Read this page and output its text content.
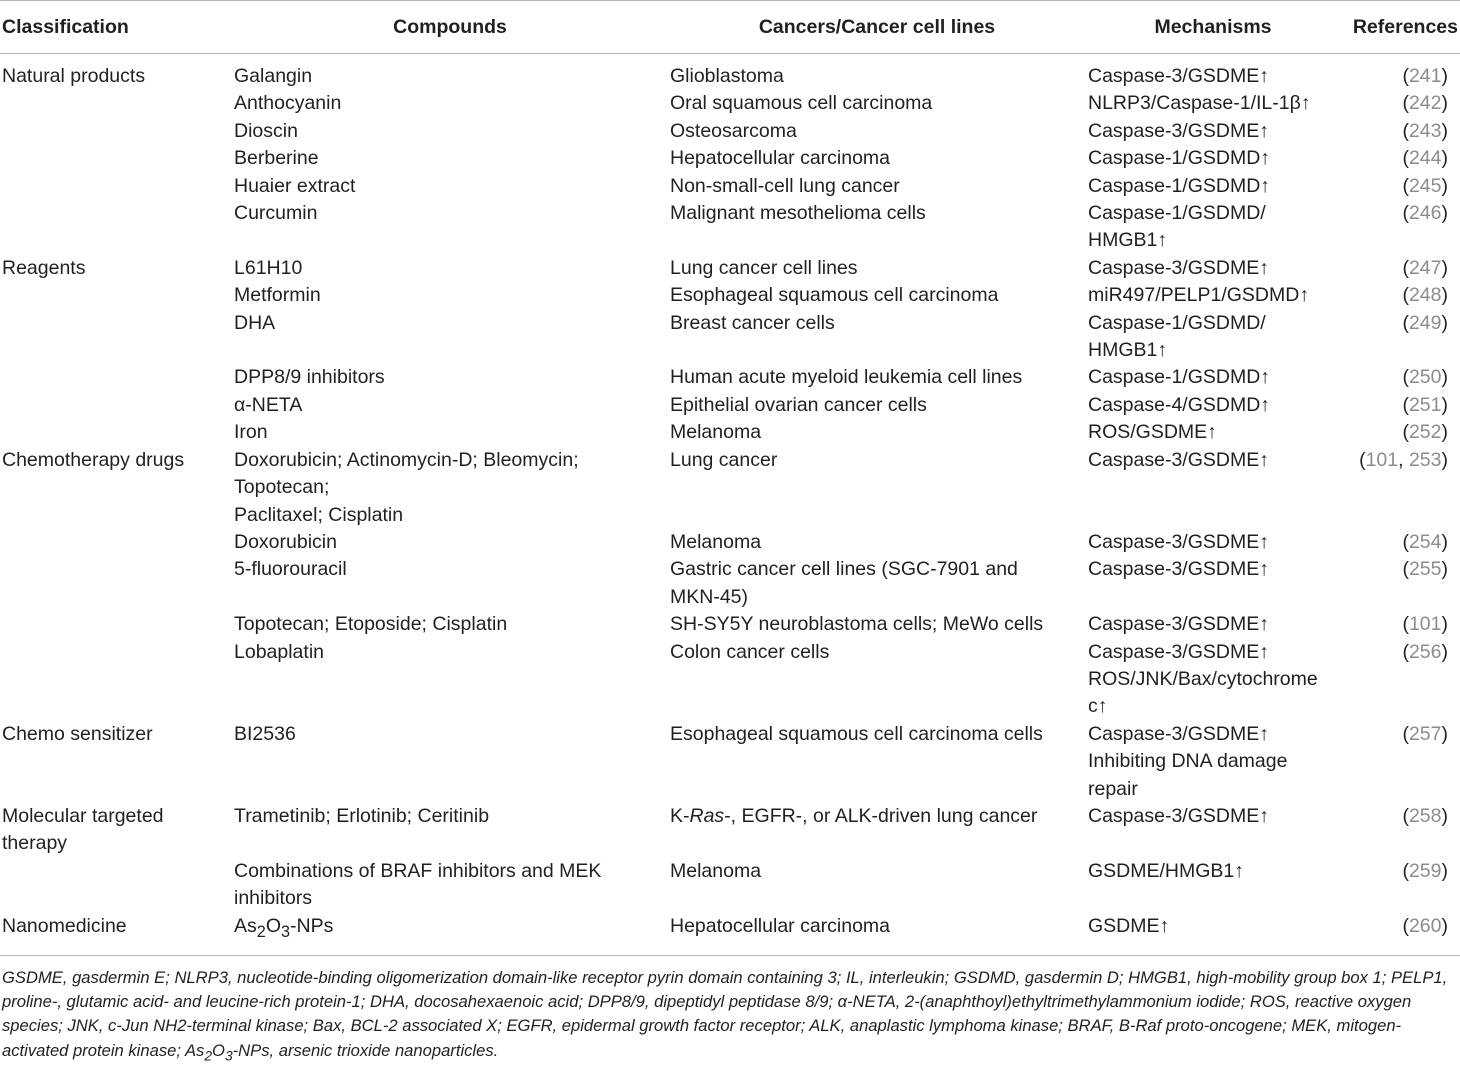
Classification	Compounds	Cancers/Cancer cell lines	Mechanisms	References
Natural products	Galangin	Glioblastoma	Caspase-3/GSDME↑	(241)
	Anthocyanin	Oral squamous cell carcinoma	NLRP3/Caspase-1/IL-1β↑	(242)
	Dioscin	Osteosarcoma	Caspase-3/GSDME↑	(243)
	Berberine	Hepatocellular carcinoma	Caspase-1/GSDMD↑	(244)
	Huaier extract	Non-small-cell lung cancer	Caspase-1/GSDMD↑	(245)
	Curcumin	Malignant mesothelioma cells	Caspase-1/GSDMD/
HMGB1↑	(246)
Reagents	L61H10	Lung cancer cell lines	Caspase-3/GSDME↑	(247)
	Metformin	Esophageal squamous cell carcinoma	miR497/PELP1/GSDMD↑	(248)
	DHA	Breast cancer cells	Caspase-1/GSDMD/
HMGB1↑	(249)
	DPP8/9 inhibitors	Human acute myeloid leukemia cell lines	Caspase-1/GSDMD↑	(250)
	α-NETA	Epithelial ovarian cancer cells	Caspase-4/GSDMD↑	(251)
	Iron	Melanoma	ROS/GSDME↑	(252)
Chemotherapy drugs	Doxorubicin; Actinomycin-D; Bleomycin;
Topotecan;
Paclitaxel; Cisplatin	Lung cancer	Caspase-3/GSDME↑	(101, 253)
	Doxorubicin	Melanoma	Caspase-3/GSDME↑	(254)
	5-fluorouracil	Gastric cancer cell lines (SGC-7901 and
MKN-45)	Caspase-3/GSDME↑	(255)
	Topotecan; Etoposide; Cisplatin	SH-SY5Y neuroblastoma cells; MeWo cells	Caspase-3/GSDME↑	(101)
	Lobaplatin	Colon cancer cells	Caspase-3/GSDME↑
ROS/JNK/Bax/cytochrome
c↑	(256)
Chemo sensitizer	BI2536	Esophageal squamous cell carcinoma cells	Caspase-3/GSDME↑
Inhibiting DNA damage
repair	(257)

Molecular targeted
therapy	Trametinib; Erlotinib; Ceritinib	K-Ras-, EGFR-, or ALK-driven lung cancer	Caspase-3/GSDME↑	(258)

	Combinations of BRAF inhibitors and MEK
inhibitors	Melanoma	GSDME/HMGB1↑	(259)
Nanomedicine	$As_2O_3$-NPs	Hepatocellular carcinoma	GSDME↑	(260)
GSDME, gasdermin E; NLRP3, nucleotide-binding oligomerization domain-like receptor pyrin domain containing 3; IL, interleukin; GSDMD, gasdermin D; HMGB1, high-mobility group box 1; PELP1, proline-, glutamic acid- and leucine-rich protein-1; DHA, docosahexaenoic acid; DPP8/9, dipeptidyl peptidase 8/9; α-NETA, 2-(anaphthoyl)ethyltrimethylammonium iodide; ROS, reactive oxygen species; JNK, c-Jun NH2-terminal kinase; Bax, BCL-2 associated X; EGFR, epidermal growth factor receptor; ALK, anaplastic lymphoma kinase; BRAF, B-Raf proto-oncogene; MEK, mitogen-activated protein kinase; $As_2O_3$-NPs, arsenic trioxide nanoparticles.
